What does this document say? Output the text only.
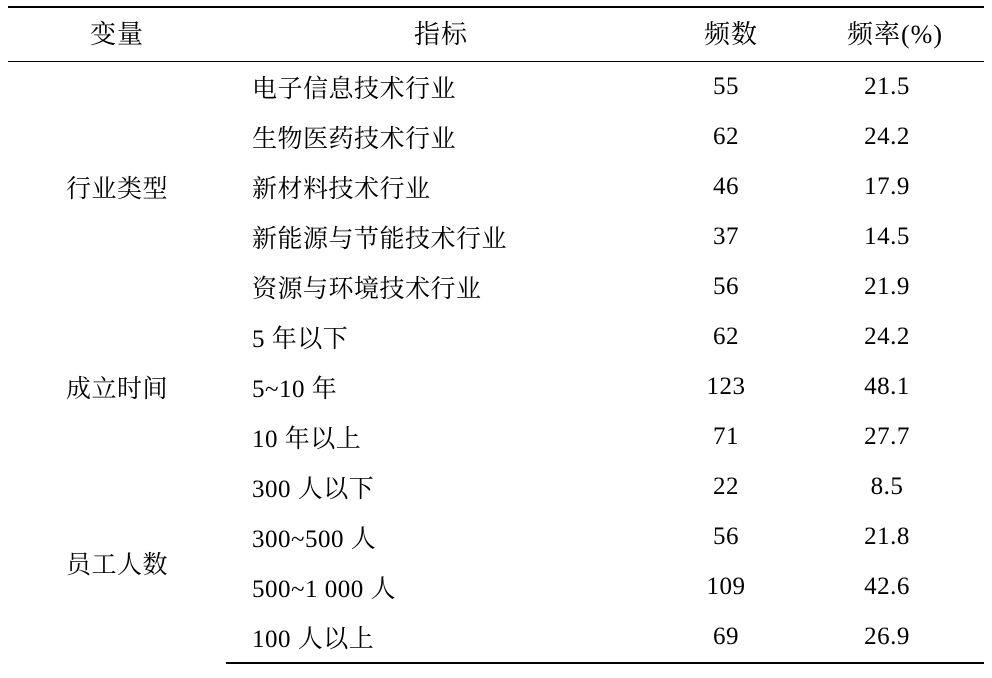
变量	指标	频数	频率(%)
行业类型	电子信息技术行业	55	21.5
	生物医药技术行业	62	24.2
	新材料技术行业	46	17.9
	新能源与节能技术行业	37	14.5
	资源与环境技术行业	56	21.9
成立时间	5 年以下	62	24.2
	5~10 年	123	48.1
	10 年以上	71	27.7
员工人数	300 人以下	22	8.5
	300~500 人	56	21.8
	500~1 000 人	109	42.6
	100 人以上	69	26.9
